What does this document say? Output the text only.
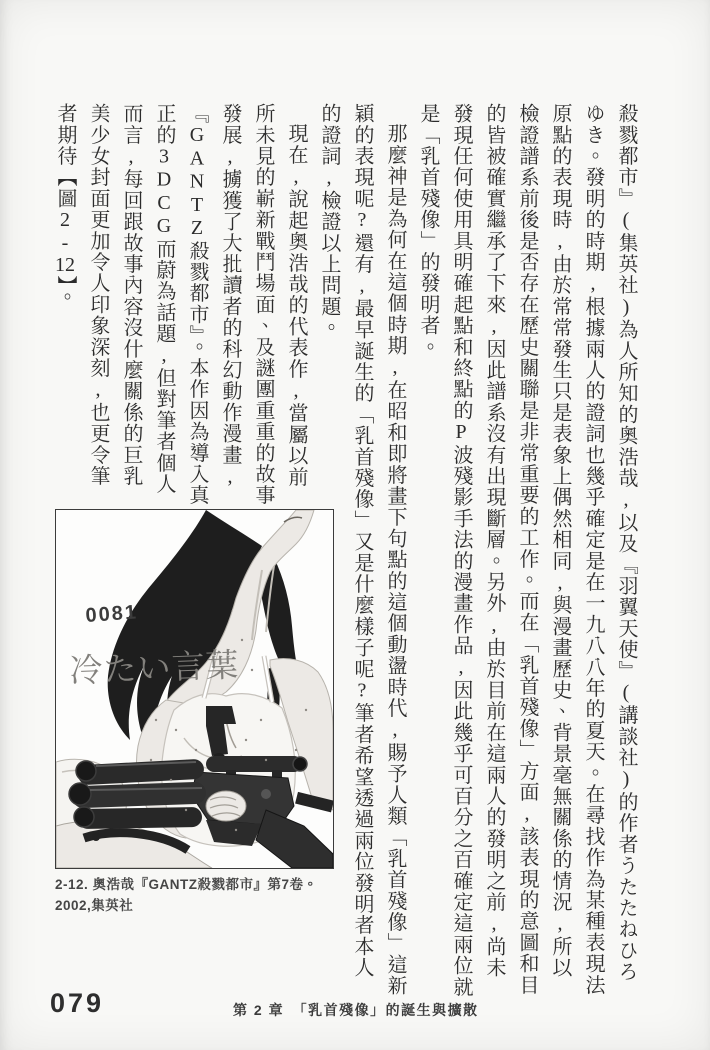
殺戮都市』(集英社)為人所知的奧浩哉,以及『羽翼天使』(講談社)的作者うたたねひろゆき。發明的時期,根據兩人的證詞也幾乎確定是在一九八八年的夏天。在尋找作為某種表現法原點的表現時,由於常常發生只是表象上偶然相同,與漫畫歷史、背景毫無關係的情況,所以檢證譜系前後是否存在歷史關聯是非常重要的工作。而在「乳首殘像」方面,該表現的意圖和目的皆被確實繼承了下來,因此譜系沒有出現斷層。另外,由於目前在這兩人的發明之前,尚未發現任何使用具明確起點和終點的P波殘影手法的漫畫作品,因此幾乎可百分之百確定這兩位就是「乳首殘像」的發明者。

那麼神是為何在這個時期,在昭和即將畫下句點的這個動盪時代,賜予人類「乳首殘像」這新穎的表現呢?還有,最早誕生的「乳首殘像」又是什麼樣子呢?筆者希望透過兩位發明者本人的證詞,檢證以上問題。

現在,說起奧浩哉的代表作,當屬以前所未見的嶄新戰鬥場面、及謎團重重的故事發展,擄獲了大批讀者的科幻動作漫畫,『GANTZ殺戮都市』。本作因為導入真正的3DCG而蔚為話題,但對筆者個人而言,每回跟故事內容沒什麼關係的巨乳美少女封面更加令人印象深刻,也更令筆者期待【圖2-12】。

0081
冷たい言葉
2-12. 奧浩哉『GANTZ殺戮都市』第7卷。
2002,集英社
079	第 2 章　「乳首殘像」的誕生與擴散
